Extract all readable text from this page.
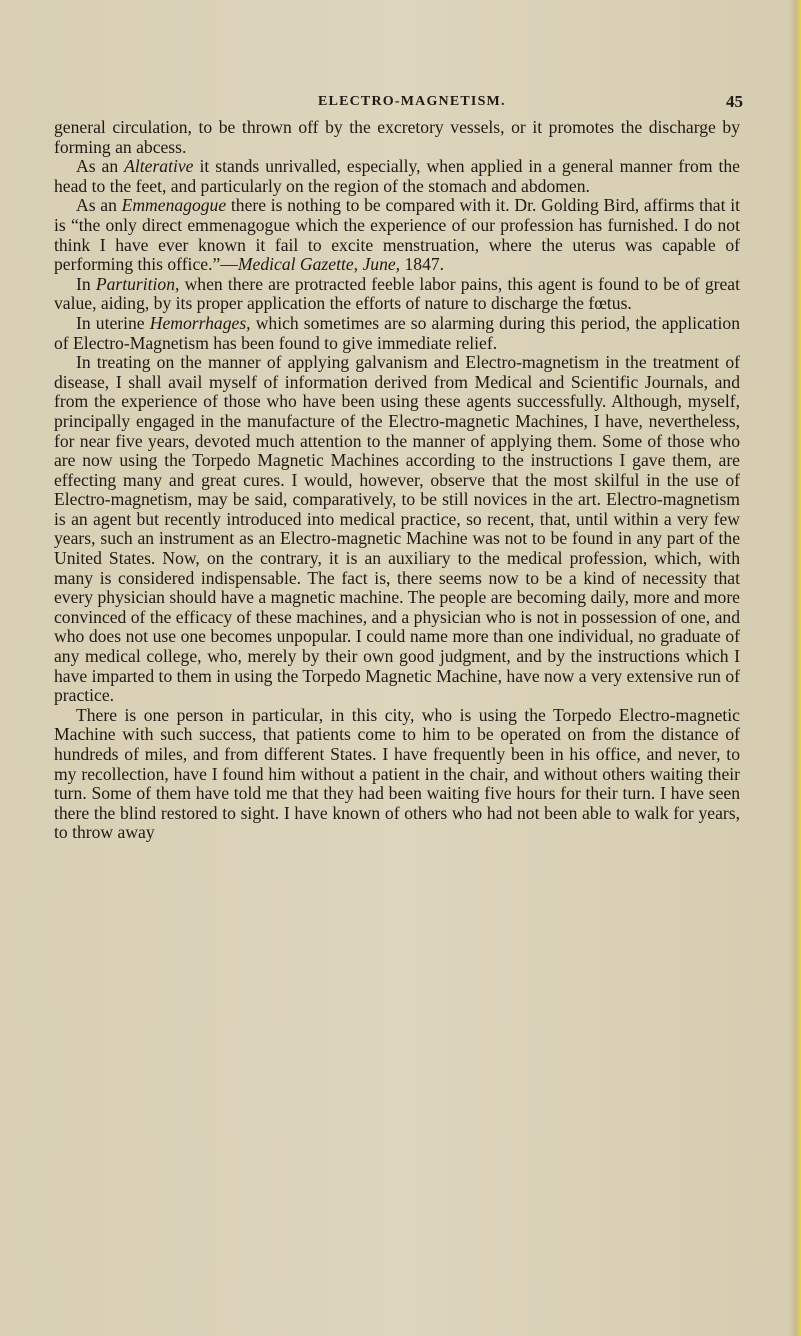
ELECTRO-MAGNETISM.	45

general circulation, to be thrown off by the excretory vessels, or it promotes the discharge by forming an abcess.

As an Alterative it stands unrivalled, especially, when applied in a general manner from the head to the feet, and particularly on the region of the stomach and abdomen.

As an Emmenagogue there is nothing to be compared with it. Dr. Golding Bird, affirms that it is “the only direct emmenagogue which the experience of our profession has furnished. I do not think I have ever known it fail to excite menstruation, where the uterus was capable of performing this office.”—Medical Gazette, June, 1847.

In Parturition, when there are protracted feeble labor pains, this agent is found to be of great value, aiding, by its proper application the efforts of nature to discharge the fœtus.

In uterine Hemorrhages, which sometimes are so alarming during this period, the application of Electro-Magnetism has been found to give immediate relief.

In treating on the manner of applying galvanism and Electro-magnetism in the treatment of disease, I shall avail myself of information derived from Medical and Scientific Journals, and from the experience of those who have been using these agents successfully. Although, myself, principally engaged in the manufacture of the Electro-magnetic Machines, I have, nevertheless, for near five years, devoted much attention to the manner of applying them. Some of those who are now using the Torpedo Magnetic Machines according to the instructions I gave them, are effecting many and great cures. I would, however, observe that the most skilful in the use of Electro-magnetism, may be said, comparatively, to be still novices in the art. Electro-magnetism is an agent but recently introduced into medical practice, so recent, that, until within a very few years, such an instrument as an Electro-magnetic Machine was not to be found in any part of the United States. Now, on the contrary, it is an auxiliary to the medical profession, which, with many is considered indispensable. The fact is, there seems now to be a kind of necessity that every physician should have a magnetic machine. The people are becoming daily, more and more convinced of the efficacy of these machines, and a physician who is not in possession of one, and who does not use one becomes unpopular. I could name more than one individual, no graduate of any medical college, who, merely by their own good judgment, and by the instructions which I have imparted to them in using the Torpedo Magnetic Machine, have now a very extensive run of practice.

There is one person in particular, in this city, who is using the Torpedo Electro-magnetic Machine with such success, that patients come to him to be operated on from the distance of hundreds of miles, and from different States. I have frequently been in his office, and never, to my recollection, have I found him without a patient in the chair, and without others waiting their turn. Some of them have told me that they had been waiting five hours for their turn. I have seen there the blind restored to sight. I have known of others who had not been able to walk for years, to throw away
